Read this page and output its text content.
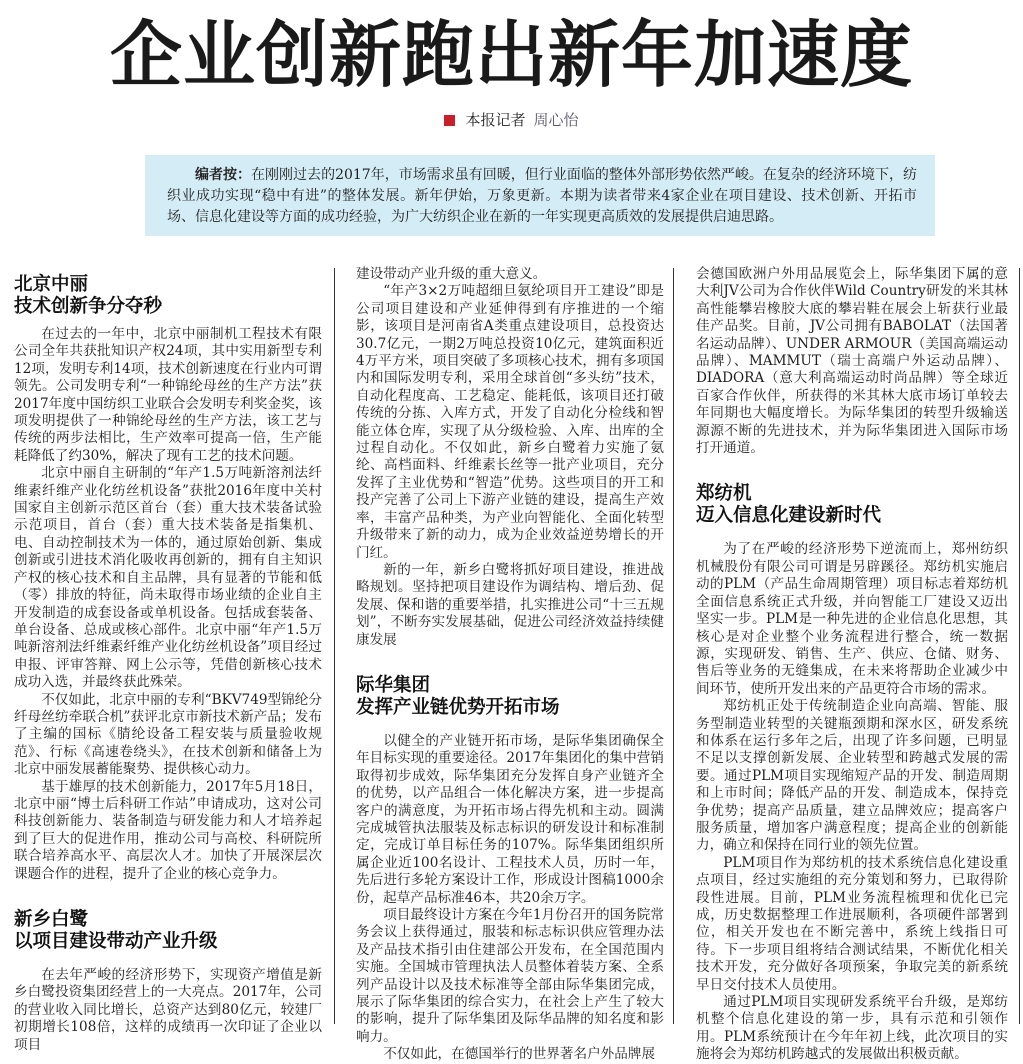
企业创新跑出新年加速度
本报记者 周心怡
编者按：在刚刚过去的2017年，市场需求虽有回暖，但行业面临的整体外部形势依然严峻。在复杂的经济环境下，纺织业成功实现“稳中有进”的整体发展。新年伊始，万象更新。本期为读者带来4家企业在项目建设、技术创新、开拓市场、信息化建设等方面的成功经验，为广大纺织企业在新的一年实现更高质效的发展提供启迪思路。
北京中丽
技术创新争分夺秒

在过去的一年中，北京中丽制机工程技术有限公司全年共获批知识产权24项，其中实用新型专利12项，发明专利14项，技术创新速度在行业内可谓领先。公司发明专利“一种锦纶母丝的生产方法”获2017年度中国纺织工业联合会发明专利奖金奖，该项发明提供了一种锦纶母丝的生产方法，该工艺与传统的两步法相比，生产效率可提高一倍，生产能耗降低了约30%，解决了现有工艺的技术问题。

北京中丽自主研制的“年产1.5万吨新溶剂法纤维素纤维产业化纺丝机设备”获批2016年度中关村国家自主创新示范区首台（套）重大技术装备试验示范项目，首台（套）重大技术装备是指集机、电、自动控制技术为一体的，通过原始创新、集成创新或引进技术消化吸收再创新的，拥有自主知识产权的核心技术和自主品牌，具有显著的节能和低（零）排放的特征，尚未取得市场业绩的企业自主开发制造的成套设备或单机设备。包括成套装备、单台设备、总成或核心部件。北京中丽“年产1.5万吨新溶剂法纤维素纤维产业化纺丝机设备”项目经过申报、评审答辩、网上公示等，凭借创新核心技术成功入选，并最终获此殊荣。

不仅如此，北京中丽的专利“BKV749型锦纶分纤母丝纺牵联合机”获评北京市新技术新产品；发布了主编的国标《腈纶设备工程安装与质量验收规范》、行标《高速卷绕头》，在技术创新和储备上为北京中丽发展蓄能聚势、提供核心动力。

基于雄厚的技术创新能力，2017年5月18日，北京中丽“博士后科研工作站”申请成功，这对公司科技创新能力、装备制造与研发能力和人才培养起到了巨大的促进作用，推动公司与高校、科研院所联合培养高水平、高层次人才。加快了开展深层次课题合作的进程，提升了企业的核心竞争力。

新乡白鹭
以项目建设带动产业升级

在去年严峻的经济形势下，实现资产增值是新乡白鹭投资集团经营上的一大亮点。2017年，公司的营业收入同比增长，总资产达到80亿元，较建厂初期增长108倍，这样的成绩再一次印证了企业以项目

建设带动产业升级的重大意义。

“年产3×2万吨超细旦氨纶项目开工建设”即是公司项目建设和产业延伸得到有序推进的一个缩影，该项目是河南省A类重点建设项目，总投资达30.7亿元，一期2万吨总投资10亿元，建筑面积近4万平方米，项目突破了多项核心技术，拥有多项国内和国际发明专利，采用全球首创“多头纺”技术，自动化程度高、工艺稳定、能耗低，该项目还打破传统的分拣、入库方式，开发了自动化分检线和智能立体仓库，实现了从分级检验、入库、出库的全过程自动化。不仅如此，新乡白鹭着力实施了氨纶、高档面料、纤维素长丝等一批产业项目，充分发挥了主业优势和“智造”优势。这些项目的开工和投产完善了公司上下游产业链的建设，提高生产效率，丰富产品种类，为产业向智能化、全面化转型升级带来了新的动力，成为企业效益逆势增长的开门红。

新的一年，新乡白鹭将抓好项目建设，推进战略规划。坚持把项目建设作为调结构、增后劲、促发展、保和谐的重要举措，扎实推进公司“十三五规划”，不断夯实发展基础，促进公司经济效益持续健康发展

际华集团
发挥产业链优势开拓市场

以健全的产业链开拓市场，是际华集团确保全年目标实现的重要途径。2017年集团化的集中营销取得初步成效，际华集团充分发挥自身产业链齐全的优势，以产品组合一体化解决方案，进一步提高客户的满意度，为开拓市场占得先机和主动。圆满完成城管执法服装及标志标识的研发设计和标准制定，完成订单目标任务的107%。际华集团组织所属企业近100名设计、工程技术人员，历时一年，先后进行多轮方案设计工作，形成设计图稿1000余份，起草产品标准46本，共20余万字。

项目最终设计方案在今年1月份召开的国务院常务会议上获得通过，服装和标志标识供应管理办法及产品技术指引由住建部公开发布，在全国范围内实施。全国城市管理执法人员整体着装方案、全系列产品设计以及技术标准等全部由际华集团完成，展示了际华集团的综合实力，在社会上产生了较大的影响，提升了际华集团及际华品牌的知名度和影响力。

不仅如此，在德国举行的世界著名户外品牌展

会德国欧洲户外用品展览会上，际华集团下属的意大利JV公司为合作伙伴Wild Country研发的米其林高性能攀岩橡胶大底的攀岩鞋在展会上斩获行业最佳产品奖。目前，JV公司拥有BABOLAT（法国著名运动品牌）、UNDER ARMOUR（美国高端运动品牌）、MAMMUT（瑞士高端户外运动品牌）、DIADORA（意大利高端运动时尚品牌）等全球近百家合作伙伴，所获得的米其林大底市场订单较去年同期也大幅度增长。为际华集团的转型升级输送源源不断的先进技术，并为际华集团进入国际市场打开通道。

郑纺机
迈入信息化建设新时代

为了在严峻的经济形势下逆流而上，郑州纺织机械股份有限公司可谓是另辟蹊径。郑纺机实施启动的PLM（产品生命周期管理）项目标志着郑纺机全面信息系统正式升级，并向智能工厂建设又迈出坚实一步。PLM是一种先进的企业信息化思想，其核心是对企业整个业务流程进行整合，统一数据源，实现研发、销售、生产、供应、仓储、财务、售后等业务的无缝集成，在未来将帮助企业减少中间环节，使所开发出来的产品更符合市场的需求。

郑纺机正处于传统制造企业向高端、智能、服务型制造业转型的关键瓶颈期和深水区，研发系统和体系在运行多年之后，出现了许多问题，已明显不足以支撑创新发展、企业转型和跨越式发展的需要。通过PLM项目实现缩短产品的开发、制造周期和上市时间；降低产品的开发、制造成本，保持竞争优势；提高产品质量，建立品牌效应；提高客户服务质量，增加客户满意程度；提高企业的创新能力，确立和保持在同行业的领先位置。

PLM项目作为郑纺机的技术系统信息化建设重点项目，经过实施组的充分策划和努力，已取得阶段性进展。目前，PLM业务流程梳理和优化已完成，历史数据整理工作进展顺利，各项硬件部署到位，相关开发也在不断完善中，系统上线指日可待。下一步项目组将结合测试结果，不断优化相关技术开发，充分做好各项预案，争取完美的新系统早日交付技术人员使用。

通过PLM项目实现研发系统平台升级，是郑纺机整个信息化建设的第一步，具有示范和引领作用。PLM系统预计在今年年初上线，此次项目的实施将会为郑纺机跨越式的发展做出积极贡献。
